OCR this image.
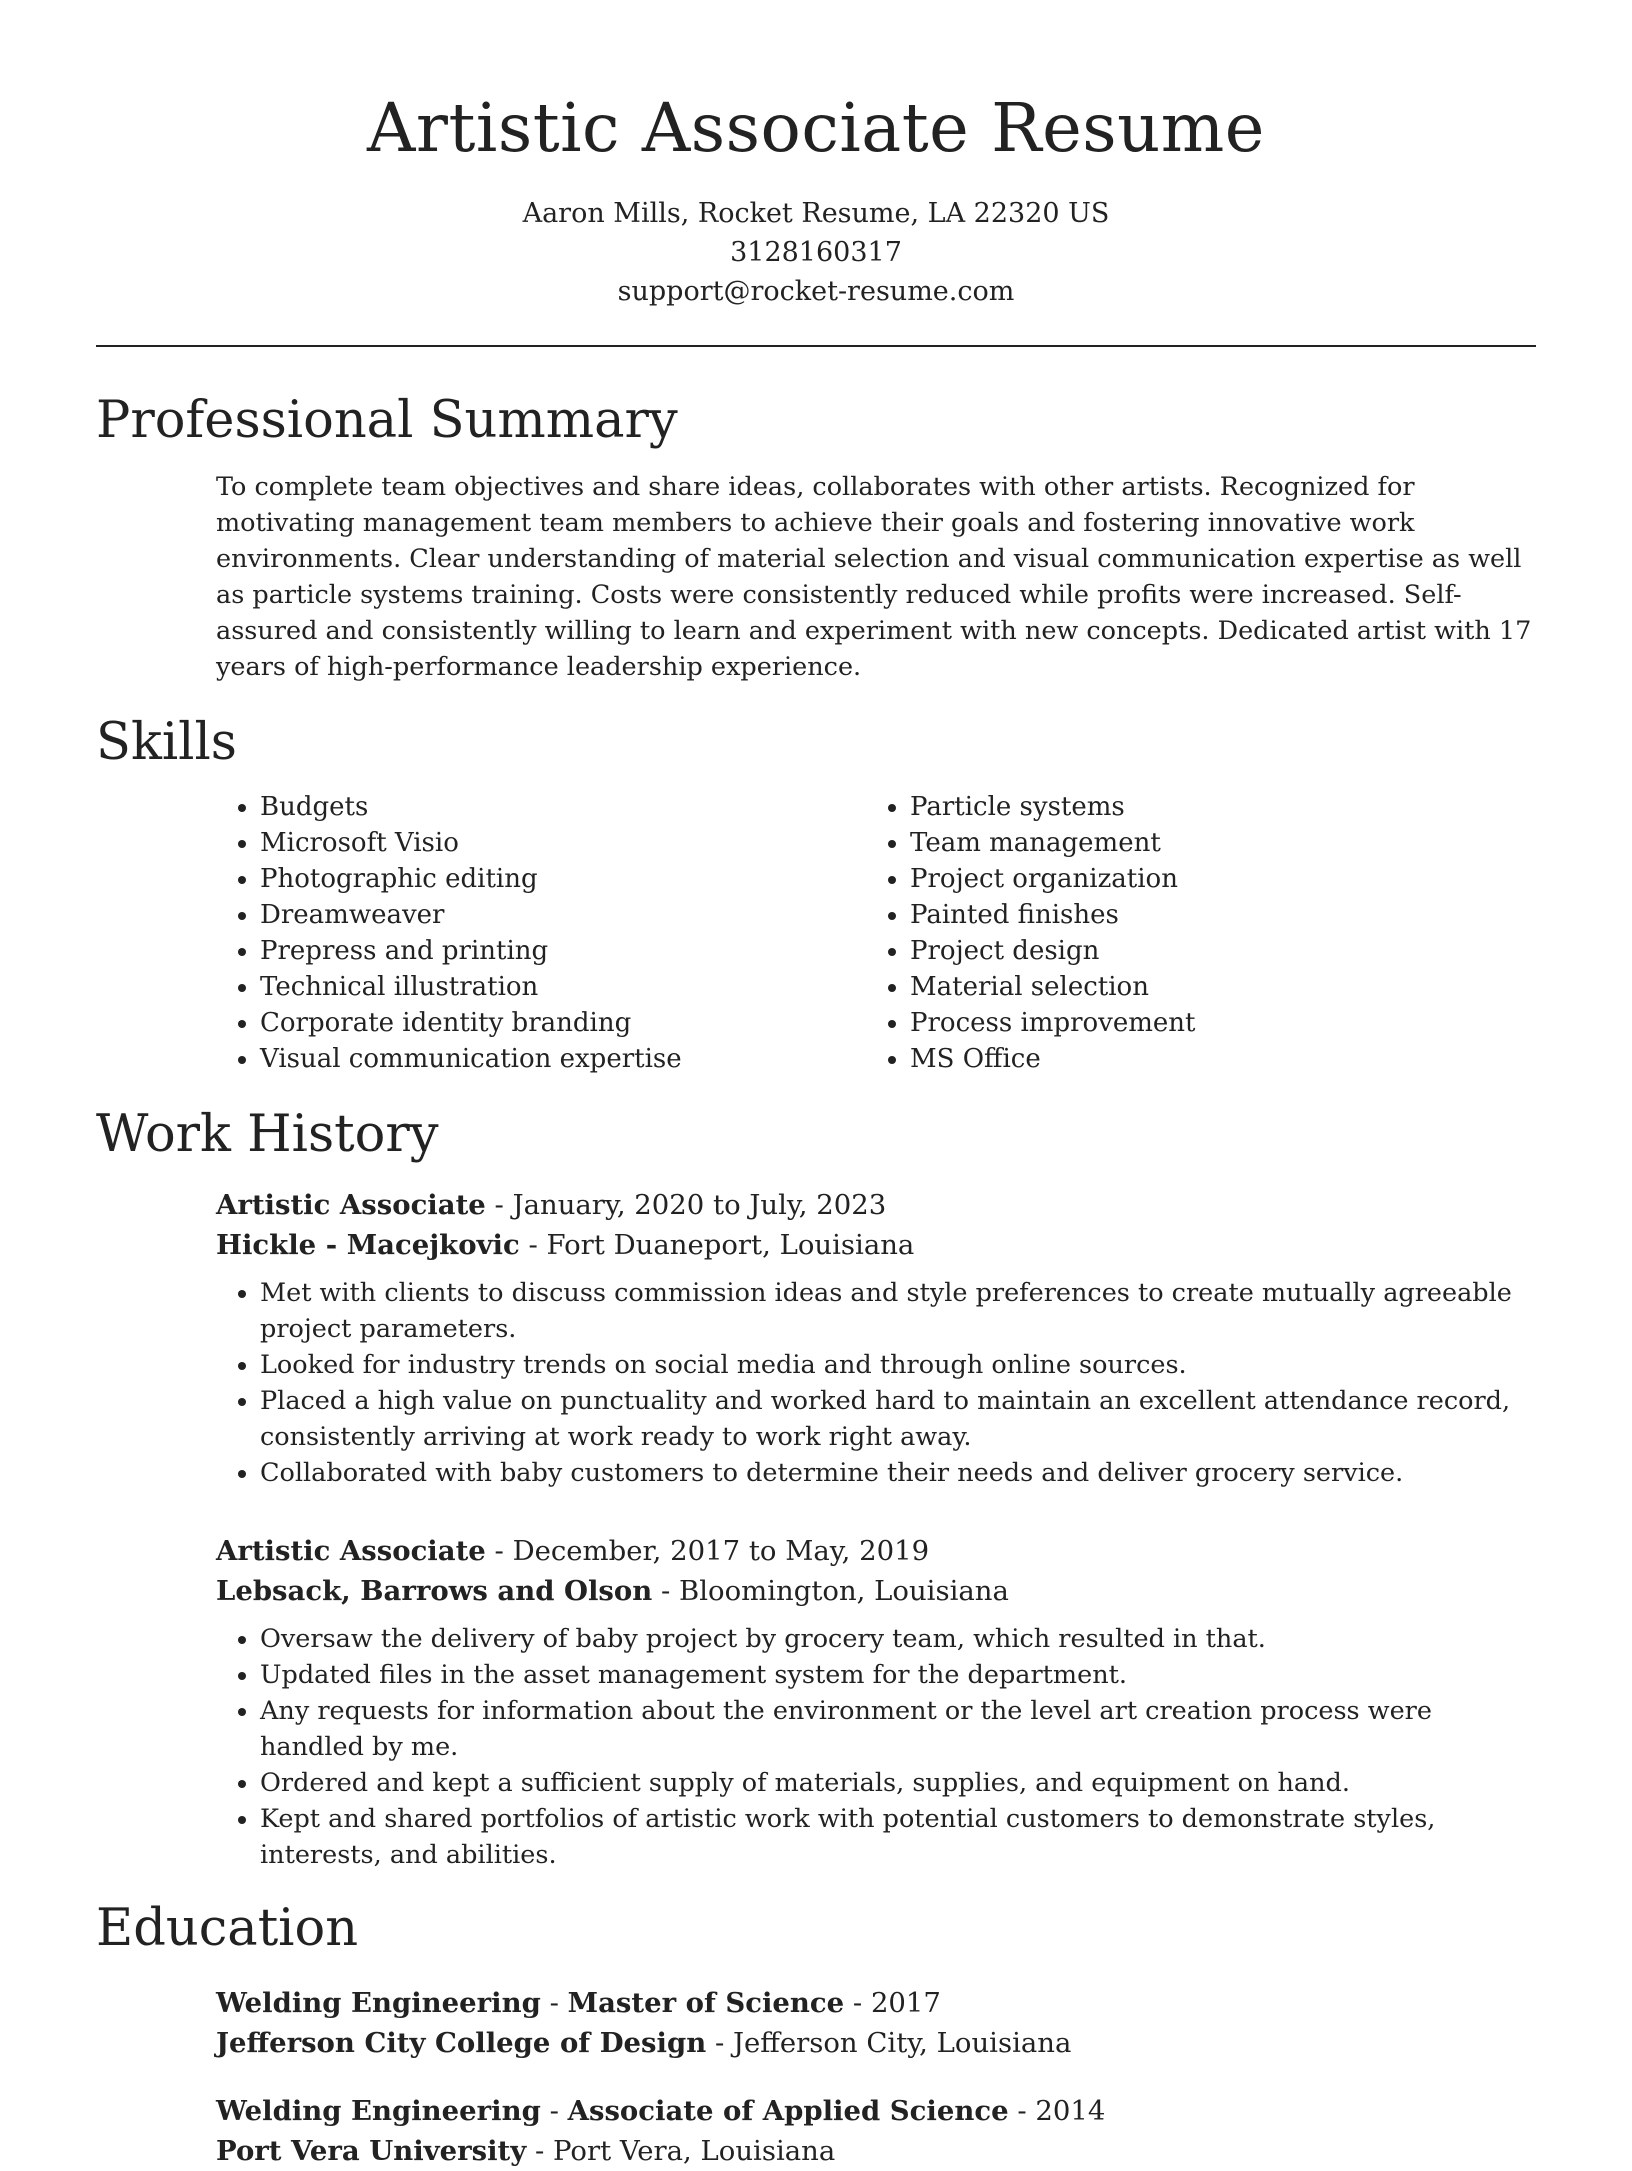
Artistic Associate Resume
Aaron Mills, Rocket Resume, LA 22320 US
3128160317
support@rocket-resume.com
Professional Summary

To complete team objectives and share ideas, collaborates with other artists. Recognized for motivating management team members to achieve their goals and fostering innovative work environments. Clear understanding of material selection and visual communication expertise as well as particle systems training. Costs were consistently reduced while profits were increased. Self-assured and consistently willing to learn and experiment with new concepts. Dedicated artist with 17 years of high-performance leadership experience.

Skills
• Budgets
• Microsoft Visio
• Photographic editing
• Dreamweaver
• Prepress and printing
• Technical illustration
• Corporate identity branding
• Visual communication expertise
• Particle systems
• Team management
• Project organization
• Painted finishes
• Project design
• Material selection
• Process improvement
• MS Office
Work History
Artistic Associate - January, 2020 to July, 2023
Hickle - Macejkovic - Fort Duaneport, Louisiana
• Met with clients to discuss commission ideas and style preferences to create mutually agreeable project parameters.
• Looked for industry trends on social media and through online sources.
• Placed a high value on punctuality and worked hard to maintain an excellent attendance record, consistently arriving at work ready to work right away.
• Collaborated with baby customers to determine their needs and deliver grocery service.
Artistic Associate - December, 2017 to May, 2019
Lebsack, Barrows and Olson - Bloomington, Louisiana
• Oversaw the delivery of baby project by grocery team, which resulted in that.
• Updated files in the asset management system for the department.
• Any requests for information about the environment or the level art creation process were handled by me.
• Ordered and kept a sufficient supply of materials, supplies, and equipment on hand.
• Kept and shared portfolios of artistic work with potential customers to demonstrate styles, interests, and abilities.
Education
Welding Engineering - Master of Science - 2017
Jefferson City College of Design - Jefferson City, Louisiana
Welding Engineering - Associate of Applied Science - 2014
Port Vera University - Port Vera, Louisiana
